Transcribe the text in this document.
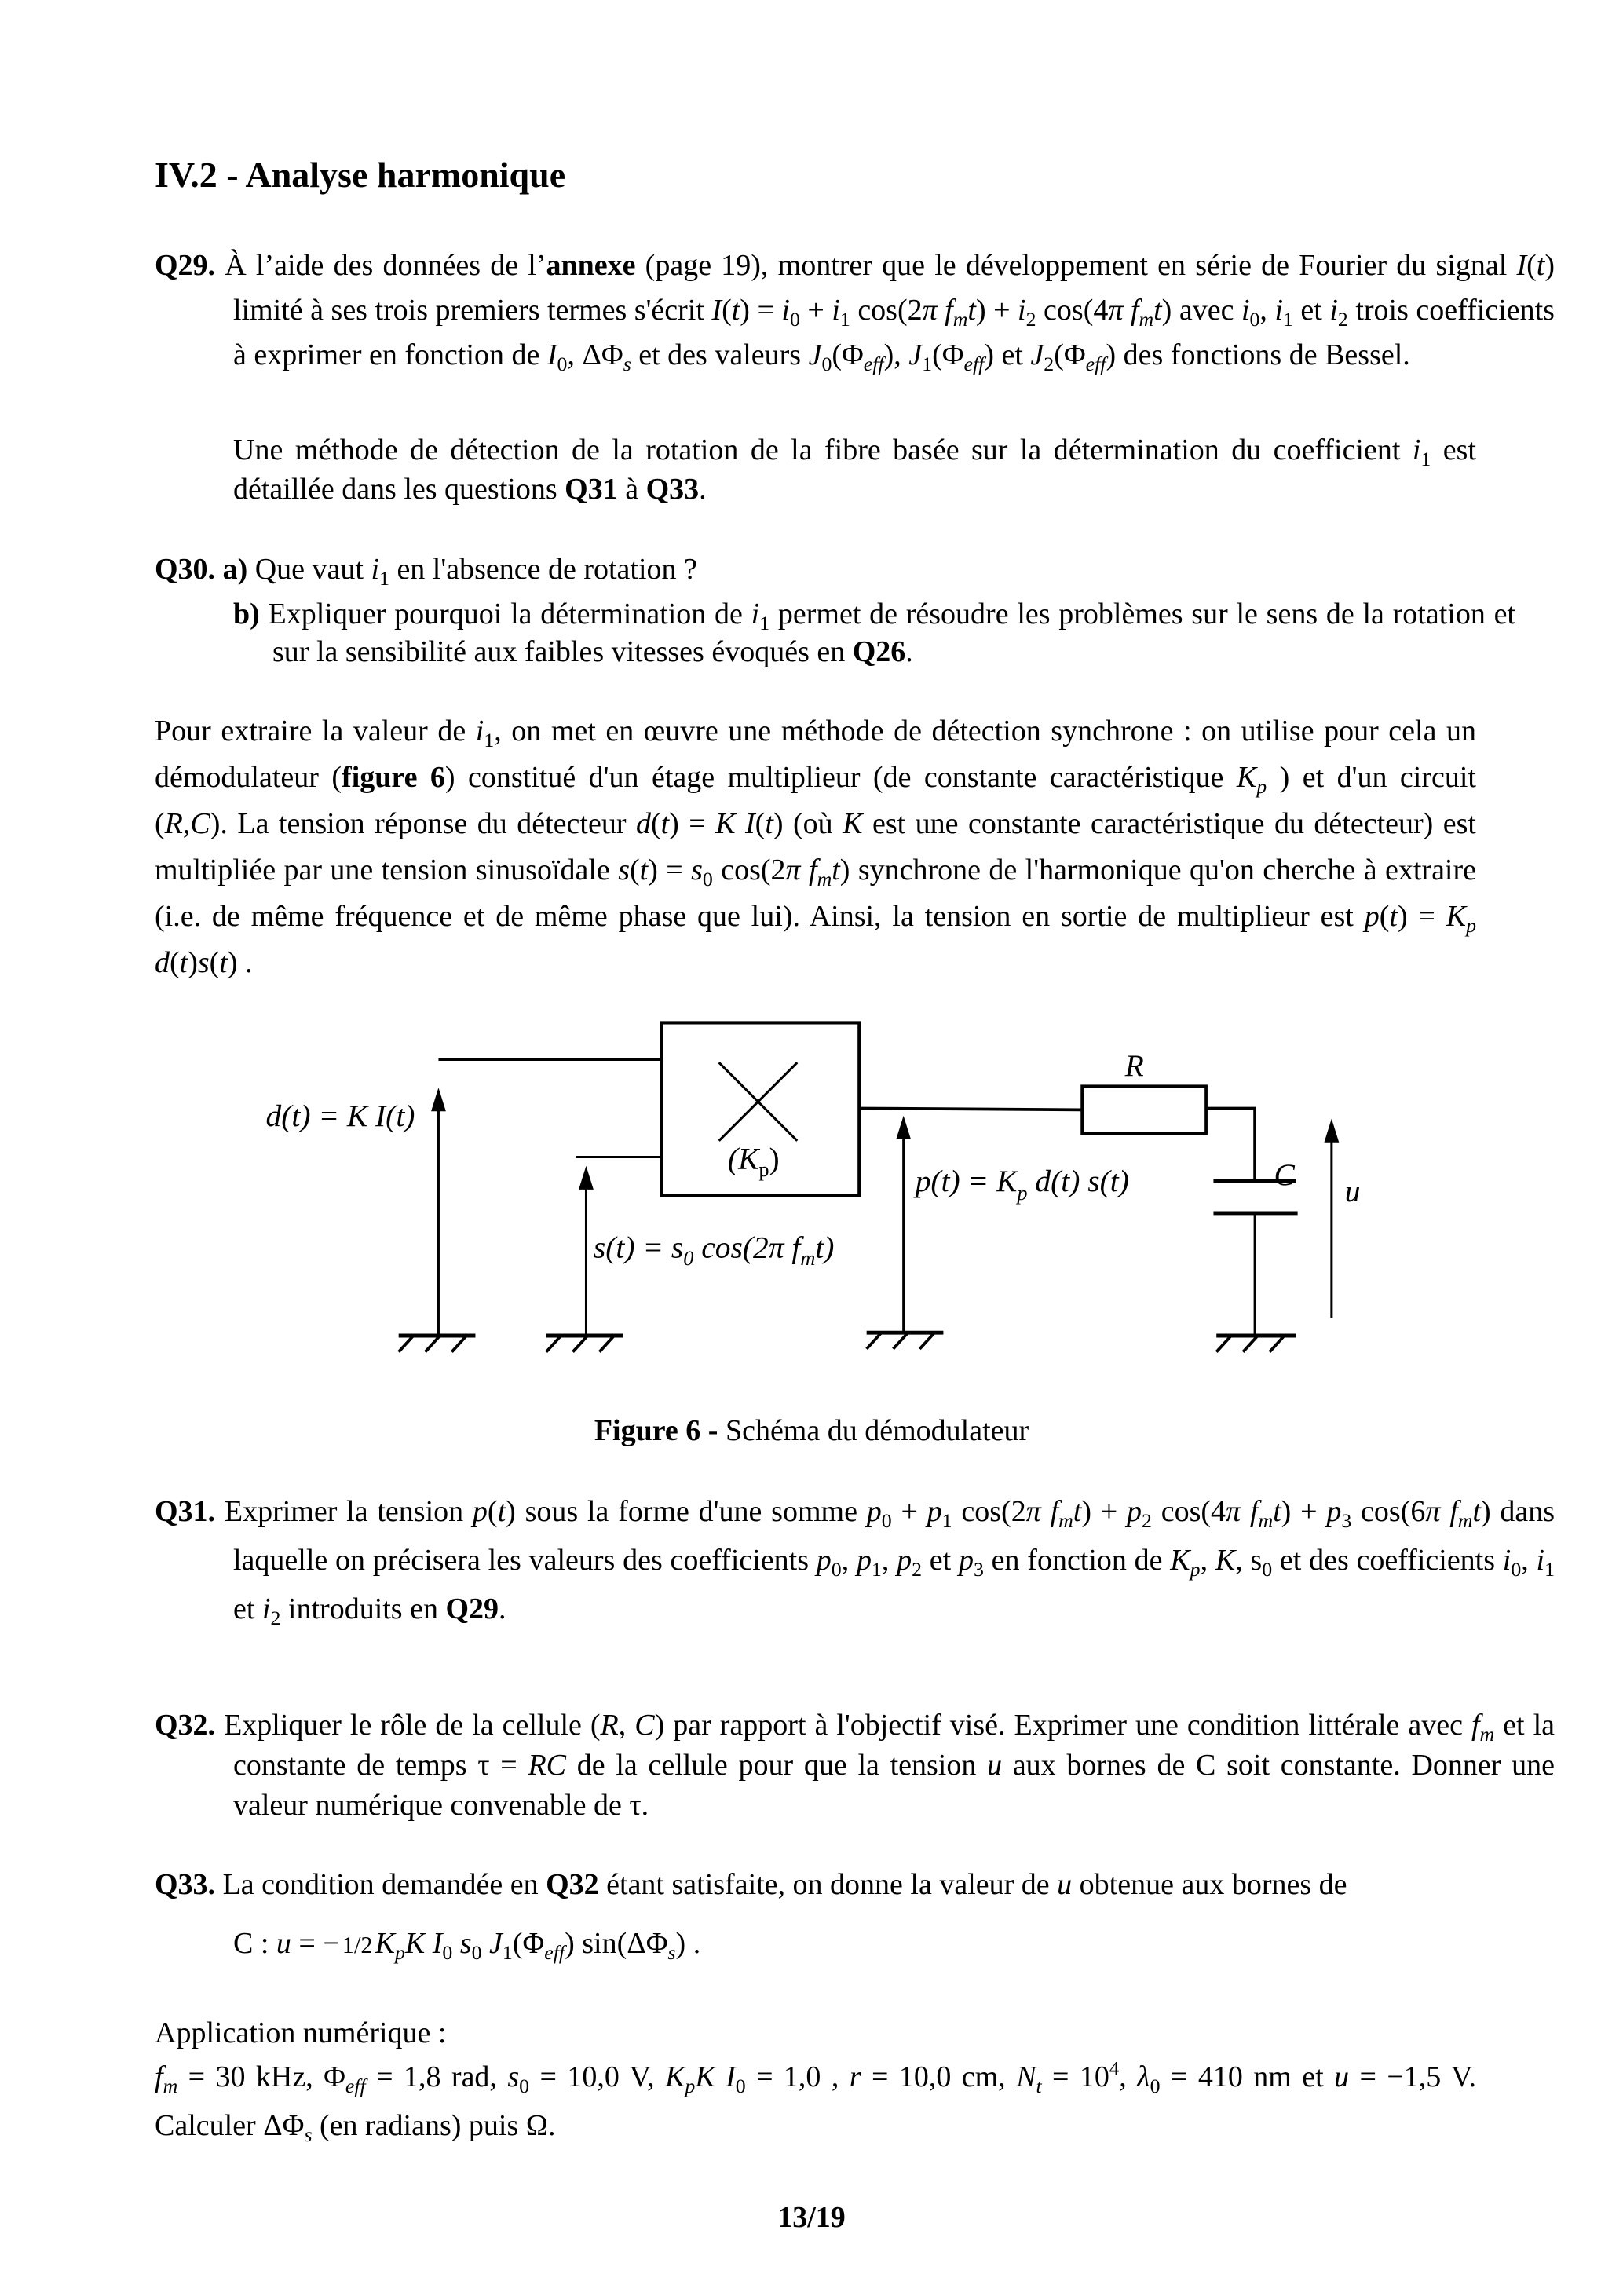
IV.2 - Analyse harmonique
Q29. À l’aide des données de l’annexe (page 19), montrer que le développement en série de Fourier du signal I(t) limité à ses trois premiers termes s'écrit $I(t) = i_0 + i_1$ cos(2π $f_mt) + i_2$ cos(4π $f_mt$) avec $i_0$, $i_1$ et $i_2$ trois coefficients à exprimer en fonction de $I_0$, $\Delta\Phi_s$ et des valeurs $J_0(\Phi_{eff})$, $J_1(\Phi_{eff})$ et $J_2(\Phi_{eff})$ des fonctions de Bessel.
Une méthode de détection de la rotation de la fibre basée sur la détermination du coefficient $i_1$ est détaillée dans les questions Q31 à Q33.
Q30. a) Que vaut $i_1$ en l'absence de rotation ?
b) Expliquer pourquoi la détermination de $i_1$ permet de résoudre les problèmes sur le sens de la rotation et sur la sensibilité aux faibles vitesses évoqués en Q26.
Pour extraire la valeur de $i_1$, on met en œuvre une méthode de détection synchrone : on utilise pour cela un démodulateur (figure 6) constitué d'un étage multiplieur (de constante caractéristique $K_p$ ) et d'un circuit (R,C). La tension réponse du détecteur d(t) = K I(t) (où K est une constante caractéristique du détecteur) est multipliée par une tension sinusoïdale $s(t) = s_0$ cos(2π $f_mt$) synchrone de l'harmonique qu'on cherche à extraire (i.e. de même fréquence et de même phase que lui). Ainsi, la tension en sortie de multiplieur est $p(t) = K_p$ d(t)s(t) .
d(t) = K I(t)
$(K_p)$
R
C	u
$p(t) = K_p$ d(t) s(t)
$s(t) = s_0$ cos(2π $f_mt$)
Figure 6 - Schéma du démodulateur
Q31. Exprimer la tension p(t) sous la forme d'une somme $p_0 + p_1$ cos(2π $f_mt) + p_2$ cos(4π $f_mt) + p_3$ cos(6π $f_mt$) dans laquelle on précisera les valeurs des coefficients $p_0$, $p_1$, $p_2$ et $p_3$ en fonction de $K_p$, K, $s_0$ et des coefficients $i_0$, $i_1$ et $i_2$ introduits en Q29.
Q32. Expliquer le rôle de la cellule (R, C) par rapport à l'objectif visé. Exprimer une condition littérale avec $f_m$ et la constante de temps τ = RC de la cellule pour que la tension u aux bornes de C soit constante. Donner une valeur numérique convenable de τ.
Q33. La condition demandée en Q32 étant satisfaite, on donne la valeur de u obtenue aux bornes de
C : $u = -1/2K_pK$ $I_0$ $s_0$ $J_1(\Phi_{eff})$ $\sin(\Delta\Phi_s)$ .
Application numérique :
$f_m = 30$ kHz, $\Phi_{eff} = 1,8$ rad, $s_0 = 10,0$ V, $K_pK$ $I_0 = 1,0$ , r = 10,0 cm, $N_t = 10^4$, $\lambda_0 = 410$ nm et u = −1,5 V. Calculer $\Delta\Phi_s$ (en radians) puis Ω.
13/19
